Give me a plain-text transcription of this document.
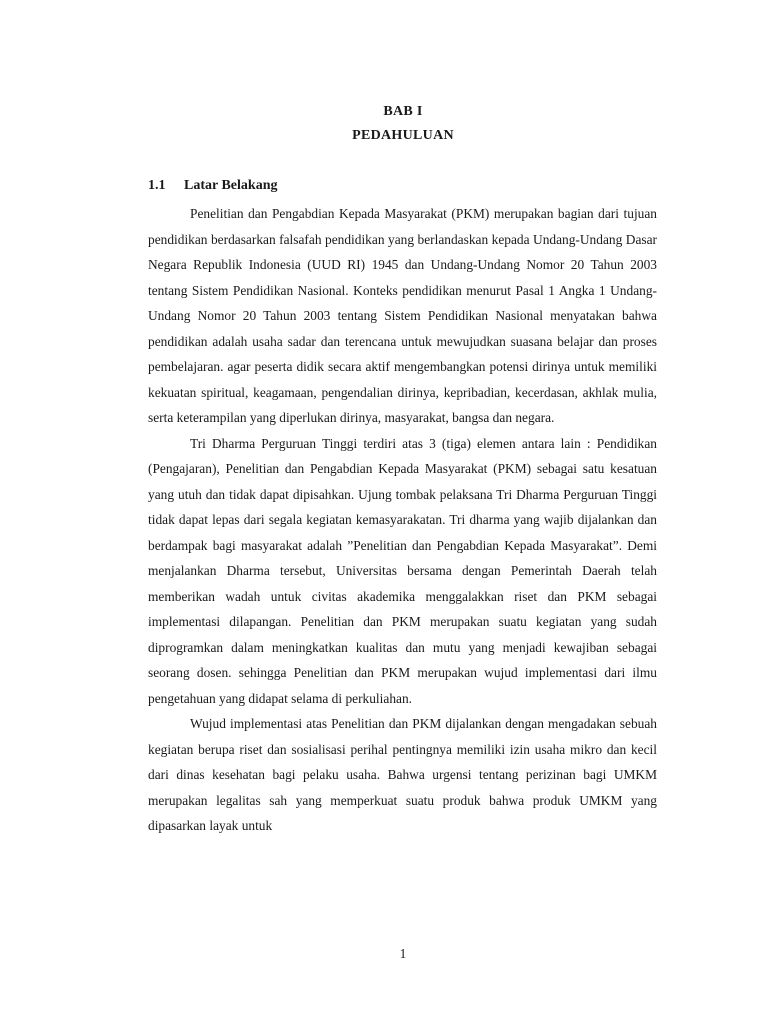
BAB I
PEDAHULUAN
1.1 Latar Belakang

Penelitian dan Pengabdian Kepada Masyarakat (PKM) merupakan bagian dari tujuan pendidikan berdasarkan falsafah pendidikan yang berlandaskan kepada Undang-Undang Dasar Negara Republik Indonesia (UUD RI) 1945 dan Undang-Undang Nomor 20 Tahun 2003 tentang Sistem Pendidikan Nasional. Konteks pendidikan menurut Pasal 1 Angka 1 Undang-Undang Nomor 20 Tahun 2003 tentang Sistem Pendidikan Nasional menyatakan bahwa pendidikan adalah usaha sadar dan terencana untuk mewujudkan suasana belajar dan proses pembelajaran. agar peserta didik secara aktif mengembangkan potensi dirinya untuk memiliki kekuatan spiritual, keagamaan, pengendalian dirinya, kepribadian, kecerdasan, akhlak mulia, serta keterampilan yang diperlukan dirinya, masyarakat, bangsa dan negara.

Tri Dharma Perguruan Tinggi terdiri atas 3 (tiga) elemen antara lain : Pendidikan (Pengajaran), Penelitian dan Pengabdian Kepada Masyarakat (PKM) sebagai satu kesatuan yang utuh dan tidak dapat dipisahkan. Ujung tombak pelaksana Tri Dharma Perguruan Tinggi tidak dapat lepas dari segala kegiatan kemasyarakatan. Tri dharma yang wajib dijalankan dan berdampak bagi masyarakat adalah ”Penelitian dan Pengabdian Kepada Masyarakat”. Demi menjalankan Dharma tersebut, Universitas bersama dengan Pemerintah Daerah telah memberikan wadah untuk civitas akademika menggalakkan riset dan PKM sebagai implementasi dilapangan. Penelitian dan PKM merupakan suatu kegiatan yang sudah diprogramkan dalam meningkatkan kualitas dan mutu yang menjadi kewajiban sebagai seorang dosen. sehingga Penelitian dan PKM merupakan wujud implementasi dari ilmu pengetahuan yang didapat selama di perkuliahan.

Wujud implementasi atas Penelitian dan PKM dijalankan dengan mengadakan sebuah kegiatan berupa riset dan sosialisasi perihal pentingnya memiliki izin usaha mikro dan kecil dari dinas kesehatan bagi pelaku usaha. Bahwa urgensi tentang perizinan bagi UMKM merupakan legalitas sah yang memperkuat suatu produk bahwa produk UMKM yang dipasarkan layak untuk

1
